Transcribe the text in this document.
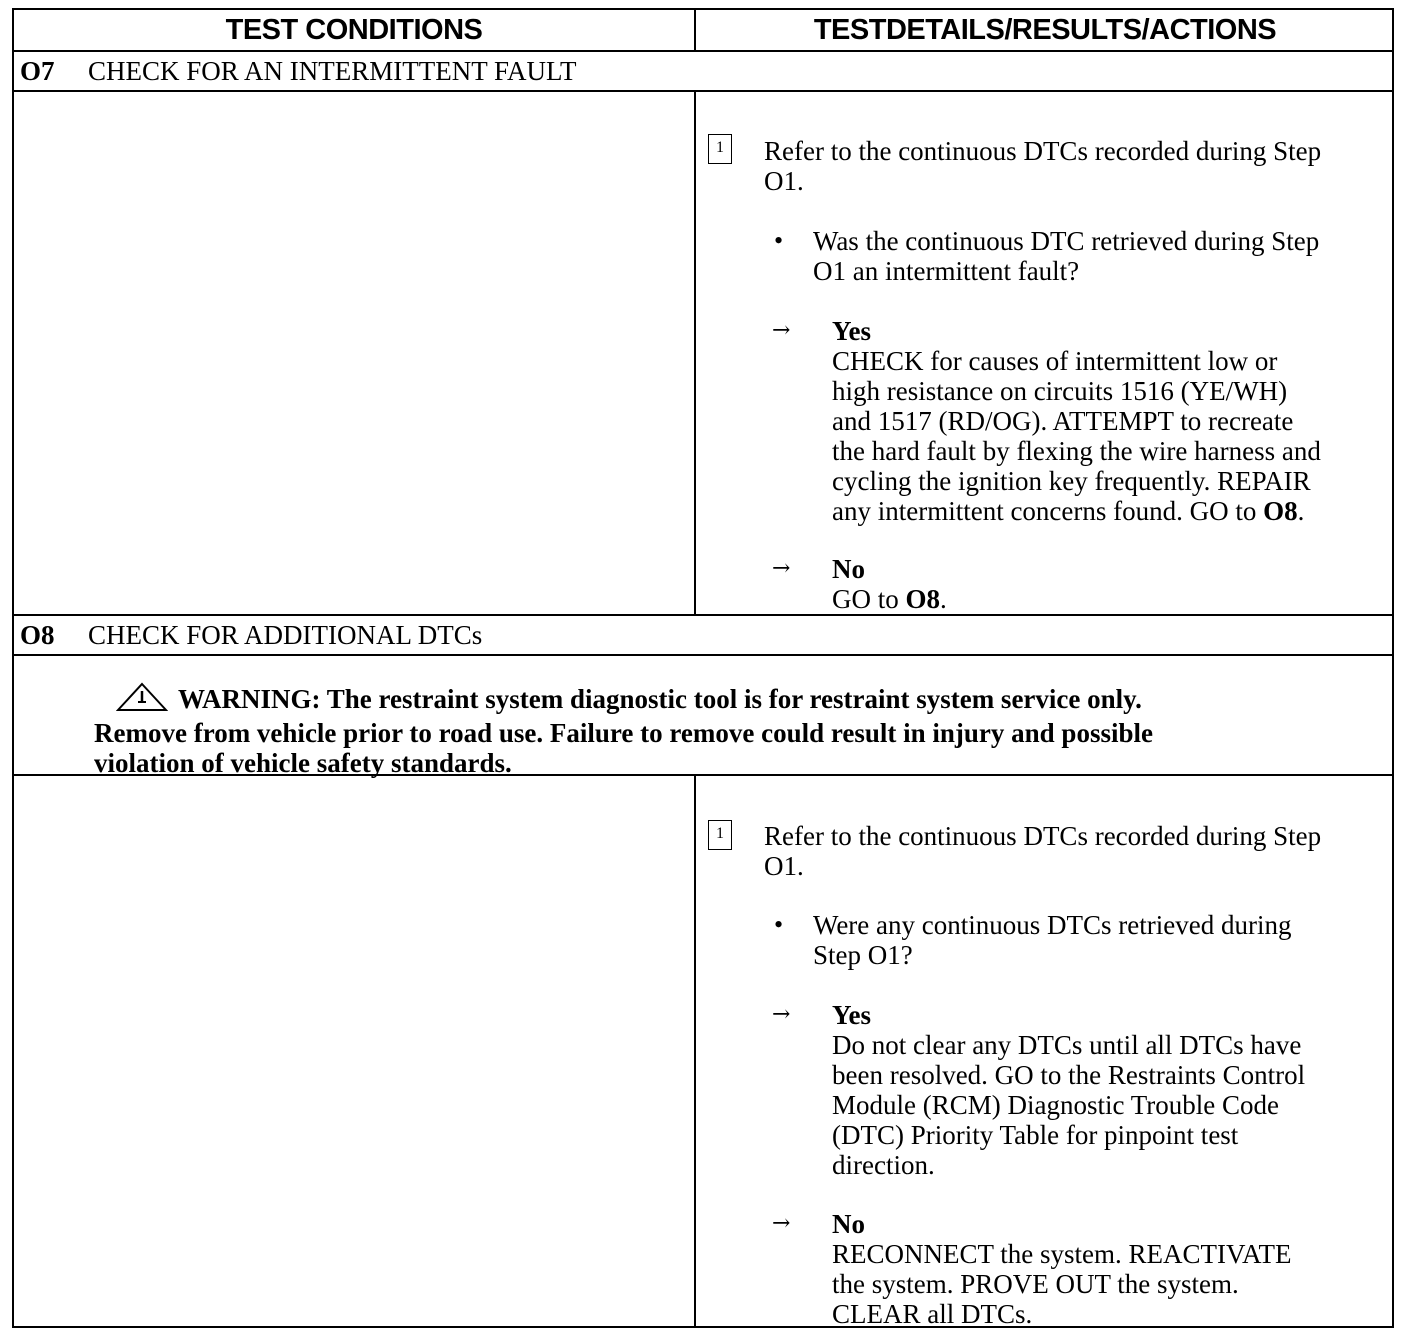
TEST CONDITIONS	TESTDETAILS/RESULTS/ACTIONS
O7 CHECK FOR AN INTERMITTENT FAULT
1 Refer to the continuous DTCs recorded during Step
O1.
• Was the continuous DTC retrieved during Step
O1 an intermittent fault?
→ Yes
CHECK for causes of intermittent low or
high resistance on circuits 1516 (YE/WH)
and 1517 (RD/OG). ATTEMPT to recreate
the hard fault by flexing the wire harness and
cycling the ignition key frequently. REPAIR
any intermittent concerns found. GO to O8.
→ No
GO to O8.
O8 CHECK FOR ADDITIONAL DTCs
WARNING: The restraint system diagnostic tool is for restraint system service only.
Remove from vehicle prior to road use. Failure to remove could result in injury and possible
violation of vehicle safety standards.
1 Refer to the continuous DTCs recorded during Step
O1.
• Were any continuous DTCs retrieved during
Step O1?
→ Yes
Do not clear any DTCs until all DTCs have
been resolved. GO to the Restraints Control
Module (RCM) Diagnostic Trouble Code
(DTC) Priority Table for pinpoint test
direction.
→ No
RECONNECT the system. REACTIVATE
the system. PROVE OUT the system.
CLEAR all DTCs.
